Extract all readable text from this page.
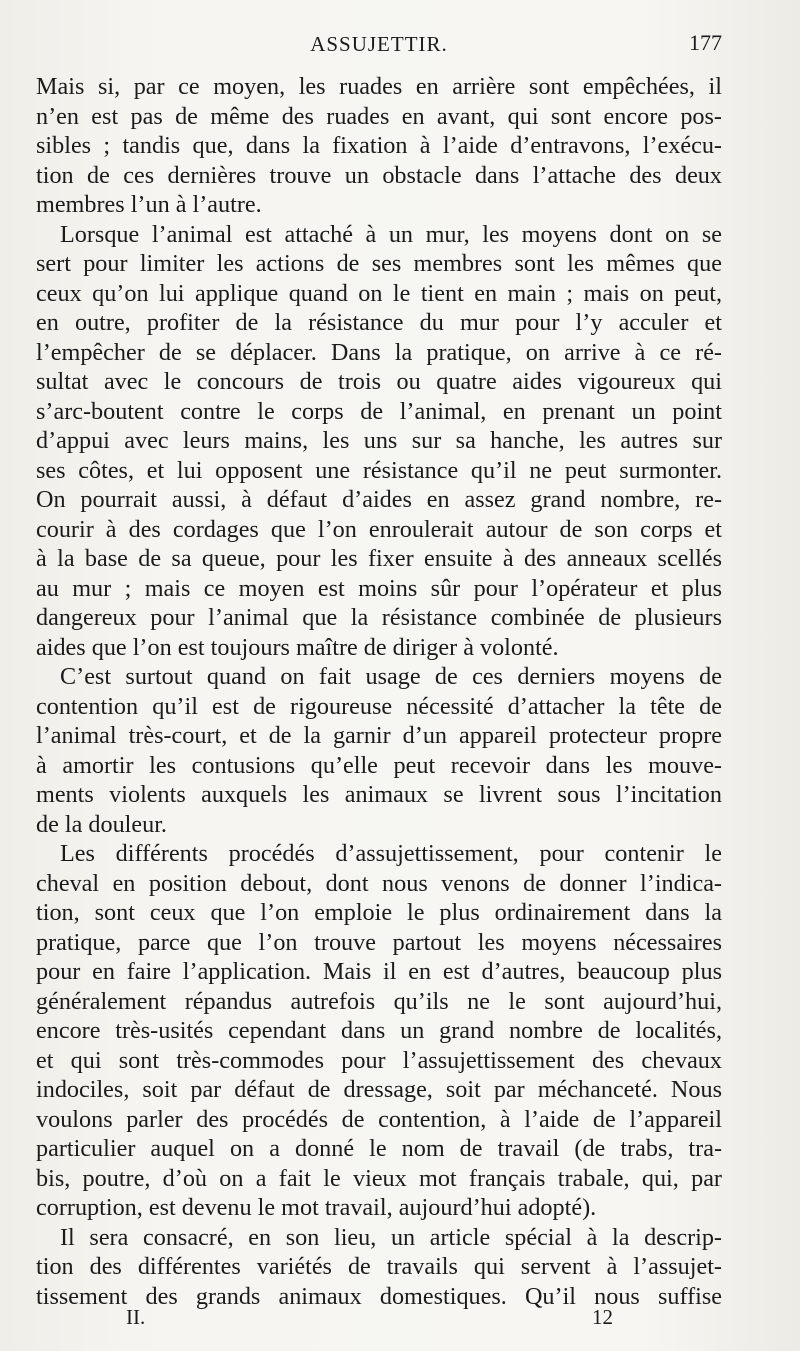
ASSUJETTIR.	177
Mais si, par ce moyen, les ruades en arrière sont empêchées, il
n’en est pas de même des ruades en avant, qui sont encore pos-
sibles ; tandis que, dans la fixation à l’aide d’entravons, l’exécu-
tion de ces dernières trouve un obstacle dans l’attache des deux
membres l’un à l’autre.
Lorsque l’animal est attaché à un mur, les moyens dont on se
sert pour limiter les actions de ses membres sont les mêmes que
ceux qu’on lui applique quand on le tient en main ; mais on peut,
en outre, profiter de la résistance du mur pour l’y acculer et
l’empêcher de se déplacer. Dans la pratique, on arrive à ce ré-
sultat avec le concours de trois ou quatre aides vigoureux qui
s’arc-boutent contre le corps de l’animal, en prenant un point
d’appui avec leurs mains, les uns sur sa hanche, les autres sur
ses côtes, et lui opposent une résistance qu’il ne peut surmonter.
On pourrait aussi, à défaut d’aides en assez grand nombre, re-
courir à des cordages que l’on enroulerait autour de son corps et
à la base de sa queue, pour les fixer ensuite à des anneaux scellés
au mur ; mais ce moyen est moins sûr pour l’opérateur et plus
dangereux pour l’animal que la résistance combinée de plusieurs
aides que l’on est toujours maître de diriger à volonté.
C’est surtout quand on fait usage de ces derniers moyens de
contention qu’il est de rigoureuse nécessité d’attacher la tête de
l’animal très-court, et de la garnir d’un appareil protecteur propre
à amortir les contusions qu’elle peut recevoir dans les mouve-
ments violents auxquels les animaux se livrent sous l’incitation
de la douleur.
Les différents procédés d’assujettissement, pour contenir le
cheval en position debout, dont nous venons de donner l’indica-
tion, sont ceux que l’on emploie le plus ordinairement dans la
pratique, parce que l’on trouve partout les moyens nécessaires
pour en faire l’application. Mais il en est d’autres, beaucoup plus
généralement répandus autrefois qu’ils ne le sont aujourd’hui,
encore très-usités cependant dans un grand nombre de localités,
et qui sont très-commodes pour l’assujettissement des chevaux
indociles, soit par défaut de dressage, soit par méchanceté. Nous
voulons parler des procédés de contention, à l’aide de l’appareil
particulier auquel on a donné le nom de travail (de trabs, tra-
bis, poutre, d’où on a fait le vieux mot français trabale, qui, par
corruption, est devenu le mot travail, aujourd’hui adopté).
Il sera consacré, en son lieu, un article spécial à la descrip-
tion des différentes variétés de travails qui servent à l’assujet-
tissement des grands animaux domestiques. Qu’il nous suffise
II.	12
